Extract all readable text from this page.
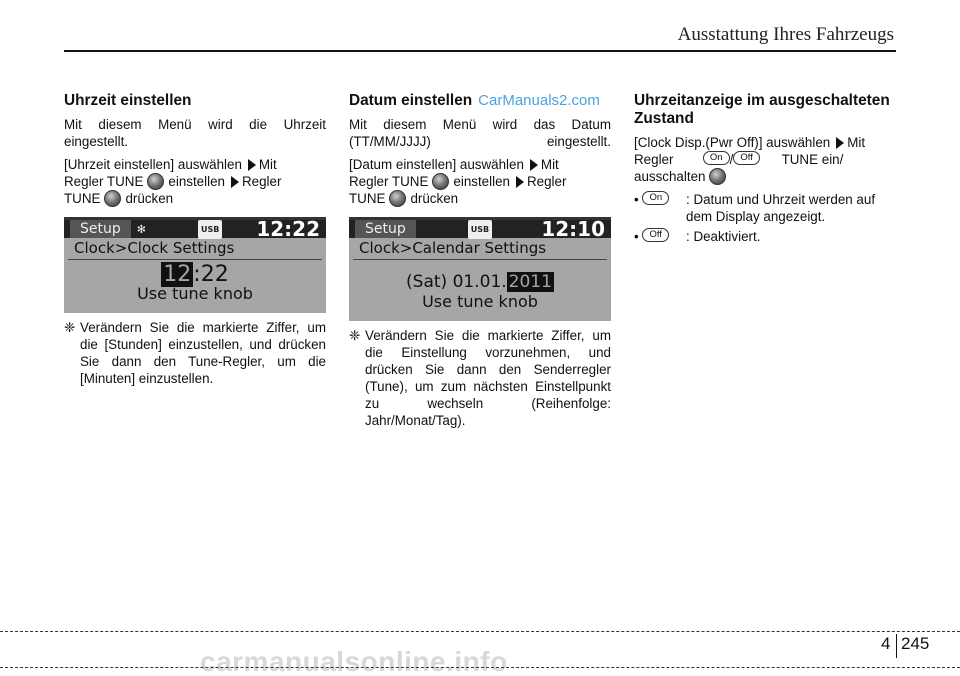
Ausstattung Ihres Fahrzeugs
Uhrzeit einstellen

Mit diesem Menü wird die Uhrzeit eingestellt.

[Uhrzeit einstellen] auswählen Mit
Regler TUNE einstellen Regler
TUNE drücken

Setup	✻	USB 12:22
Clock>Clock Settings
12:22
Use tune knob
❈ Verändern Sie die markierte Ziffer, um die [Stunden] einzustellen, und drücken Sie dann den Tune-Regler, um die [Minuten] einzustellen.
Datum einstellen CarManuals2.com

Mit diesem Menü wird das Datum (TT/MM/JJJJ) eingestellt.

[Datum einstellen] auswählen Mit
Regler TUNE einstellen Regler
TUNE drücken

Setup	USB	12:10
Clock>Calendar Settings
(Sat) 01.01. 2011
Use tune knob
❈ Verändern Sie die markierte Ziffer, um die Einstellung vorzunehmen, und drücken Sie dann den Senderregler (Tune), um zum nächsten Einstellpunkt zu wechseln (Reihenfolge: Jahr/Monat/Tag).
Uhrzeitanzeige im ausgeschalteten Zustand

[Clock Disp.(Pwr Off)] auswählen Mit
Regler	On / Off TUNE ein/
ausschalten

• On	: Datum und Uhrzeit werden auf dem Display angezeigt.
• Off	: Deaktiviert.
carmanualsonline.info
4 245
